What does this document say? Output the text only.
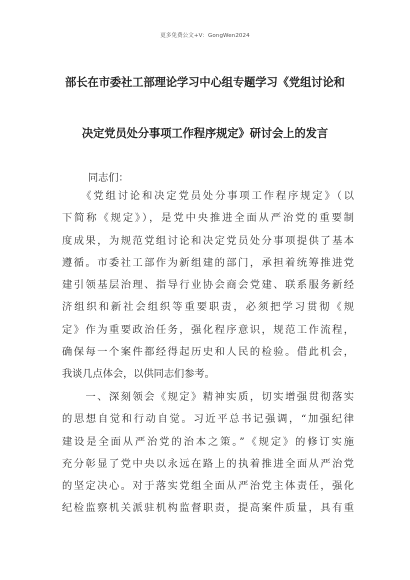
更多免费公文+V：GongWen2024
部长在市委社工部理论学习中心组专题学习《党组讨论和
决定党员处分事项工作程序规定》研讨会上的发言
同志们：
　　《党组讨论和决定党员处分事项工作程序规定》（以
下简称《规定》），是党中央推进全面从严治党的重要制
度成果，为规范党组讨论和决定党员处分事项提供了基本
遵循。市委社工部作为新组建的部门，承担着统筹推进党
建引领基层治理、指导行业协会商会党建、联系服务新经
济组织和新社会组织等重要职责，必须把学习贯彻《规
定》作为重要政治任务，强化程序意识，规范工作流程，
确保每一个案件都经得起历史和人民的检验。借此机会，
我谈几点体会，以供同志们参考。
　　一、深刻领会《规定》精神实质，切实增强贯彻落实
的思想自觉和行动自觉。习近平总书记强调，“加强纪律
建设是全面从严治党的治本之策。”《规定》的修订实施
充分彰显了党中央以永远在路上的执着推进全面从严治党
的坚定决心。对于落实党组全面从严治党主体责任，强化
纪检监察机关派驻机构监督职责，提高案件质量，具有重
